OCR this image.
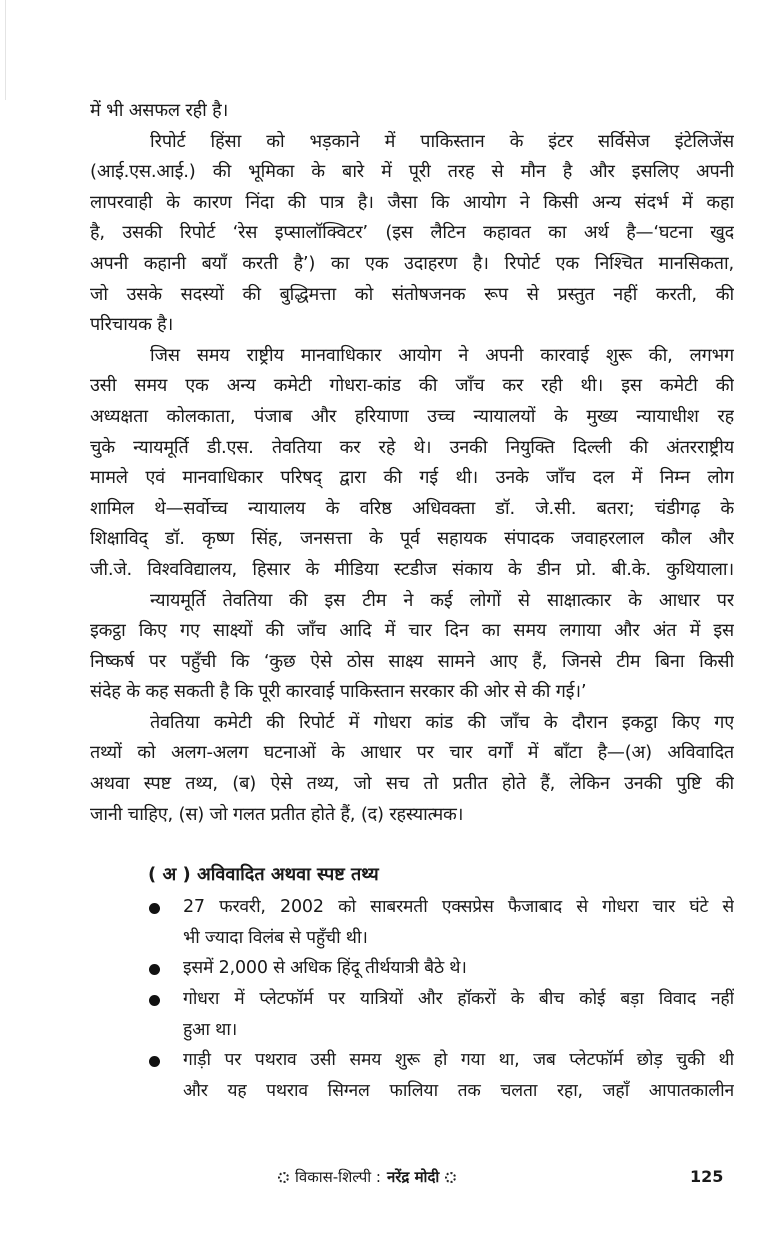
में भी असफल रही है।
रिपोर्ट हिंसा को भड़काने में पाकिस्तान के इंटर सर्विसेज इंटेलिजेंस
(आई.एस.आई.) की भूमिका के बारे में पूरी तरह से मौन है और इसलिए अपनी
लापरवाही के कारण निंदा की पात्र है। जैसा कि आयोग ने किसी अन्य संदर्भ में कहा
है, उसकी रिपोर्ट ‘रेस इप्सालॉक्विटर’ (इस लैटिन कहावत का अर्थ है—‘घटना खुद
अपनी कहानी बयाँ करती है’) का एक उदाहरण है। रिपोर्ट एक निश्चित मानसिकता,
जो उसके सदस्यों की बुद्धिमत्ता को संतोषजनक रूप से प्रस्तुत नहीं करती, की
परिचायक है।
जिस समय राष्ट्रीय मानवाधिकार आयोग ने अपनी कारवाई शुरू की, लगभग
उसी समय एक अन्य कमेटी गोधरा-कांड की जाँच कर रही थी। इस कमेटी की
अध्यक्षता कोलकाता, पंजाब और हरियाणा उच्च न्यायालयों के मुख्य न्यायाधीश रह
चुके न्यायमूर्ति डी.एस. तेवतिया कर रहे थे। उनकी नियुक्ति दिल्ली की अंतरराष्ट्रीय
मामले एवं मानवाधिकार परिषद् द्वारा की गई थी। उनके जाँच दल में निम्न लोग
शामिल थे—सर्वोच्च न्यायालय के वरिष्ठ अधिवक्ता डॉ. जे.सी. बतरा; चंडीगढ़ के
शिक्षाविद् डॉ. कृष्ण सिंह, जनसत्ता के पूर्व सहायक संपादक जवाहरलाल कौल और
जी.जे. विश्वविद्यालय, हिसार के मीडिया स्टडीज संकाय के डीन प्रो. बी.के. कुथियाला।
न्यायमूर्ति तेवतिया की इस टीम ने कई लोगों से साक्षात्कार के आधार पर
इकट्ठा किए गए साक्ष्यों की जाँच आदि में चार दिन का समय लगाया और अंत में इस
निष्कर्ष पर पहुँची कि ‘कुछ ऐसे ठोस साक्ष्य सामने आए हैं, जिनसे टीम बिना किसी
संदेह के कह सकती है कि पूरी कारवाई पाकिस्तान सरकार की ओर से की गई।’
तेवतिया कमेटी की रिपोर्ट में गोधरा कांड की जाँच के दौरान इकट्ठा किए गए
तथ्यों को अलग-अलग घटनाओं के आधार पर चार वर्गों में बाँटा है—(अ) अविवादित
अथवा स्पष्ट तथ्य, (ब) ऐसे तथ्य, जो सच तो प्रतीत होते हैं, लेकिन उनकी पुष्टि की
जानी चाहिए, (स) जो गलत प्रतीत होते हैं, (द) रहस्यात्मक।
( अ ) अविवादित अथवा स्पष्ट तथ्य
27 फरवरी, 2002 को साबरमती एक्सप्रेस फैजाबाद से गोधरा चार घंटे से
भी ज्यादा विलंब से पहुँची थी।
इसमें 2,000 से अधिक हिंदू तीर्थयात्री बैठे थे।
गोधरा में प्लेटफॉर्म पर यात्रियों और हॉकरों के बीच कोई बड़ा विवाद नहीं
हुआ था।
गाड़ी पर पथराव उसी समय शुरू हो गया था, जब प्लेटफॉर्म छोड़ चुकी थी
और यह पथराव सिग्नल फालिया तक चलता रहा, जहाँ आपातकालीन
विकास-शिल्पी : नरेंद्र मोदी	125
